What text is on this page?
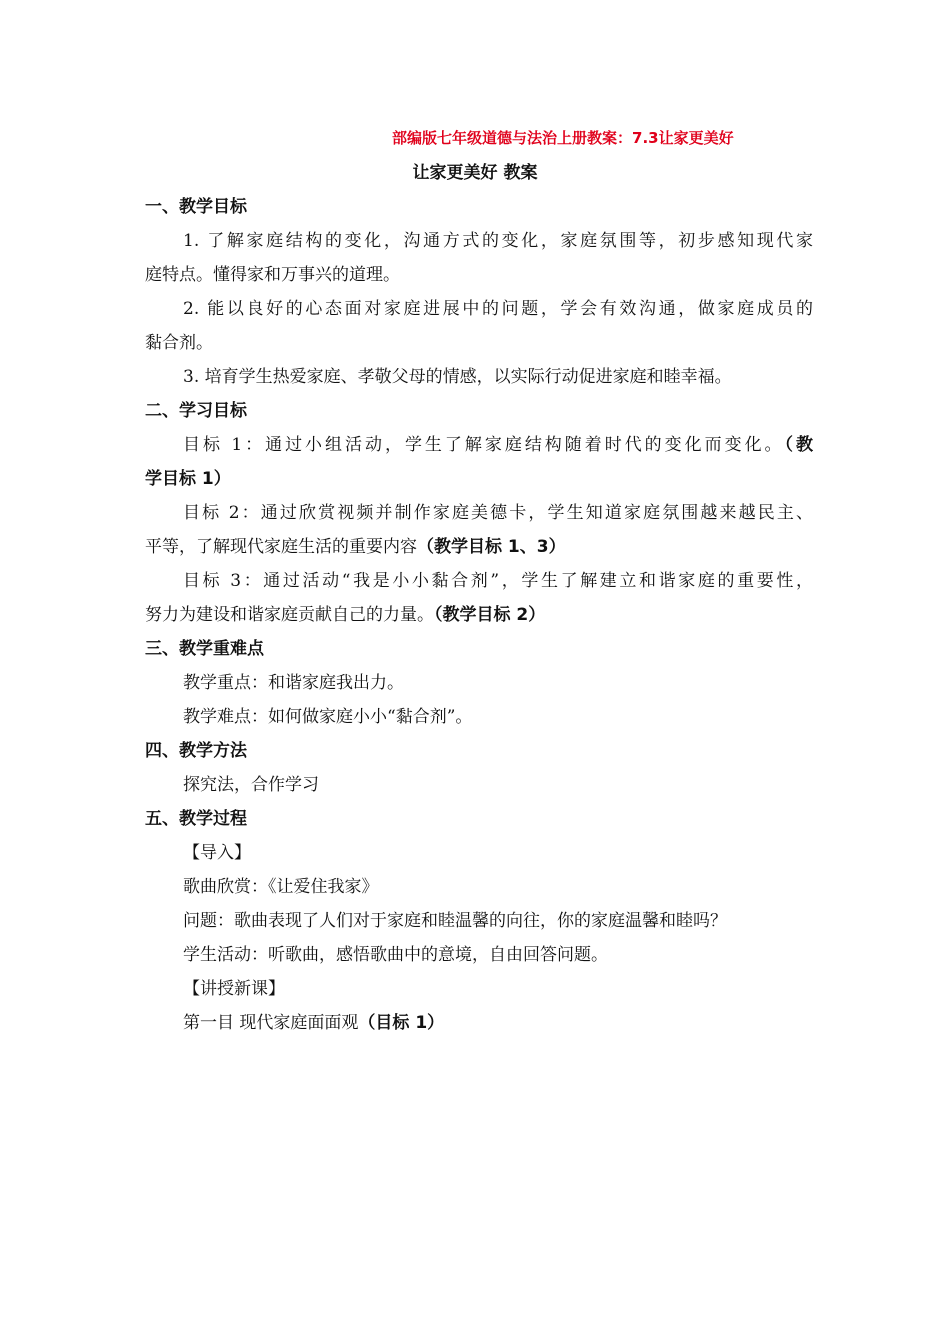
部编版七年级道德与法治上册教案：7.3让家更美好
让家更美好 教案
一、教学目标
1. 了解家庭结构的变化，沟通方式的变化，家庭氛围等，初步感知现代家
庭特点。懂得家和万事兴的道理。
2. 能以良好的心态面对家庭进展中的问题，学会有效沟通，做家庭成员的
黏合剂。
3. 培育学生热爱家庭、孝敬父母的情感，以实际行动促进家庭和睦幸福。
二、学习目标
目标 1：通过小组活动，学生了解家庭结构随着时代的变化而变化。（教
学目标 1）
目标 2：通过欣赏视频并制作家庭美德卡，学生知道家庭氛围越来越民主、
平等，了解现代家庭生活的重要内容（教学目标 1、3）
目标 3：通过活动“我是小小黏合剂”，学生了解建立和谐家庭的重要性，
努力为建设和谐家庭贡献自己的力量。（教学目标 2）
三、教学重难点
教学重点：和谐家庭我出力。
教学难点：如何做家庭小小“黏合剂”。
四、教学方法
探究法，合作学习
五、教学过程
【导入】
歌曲欣赏：《让爱住我家》
问题：歌曲表现了人们对于家庭和睦温馨的向往，你的家庭温馨和睦吗？
学生活动：听歌曲，感悟歌曲中的意境，自由回答问题。
【讲授新课】
第一目 现代家庭面面观（目标 1）
